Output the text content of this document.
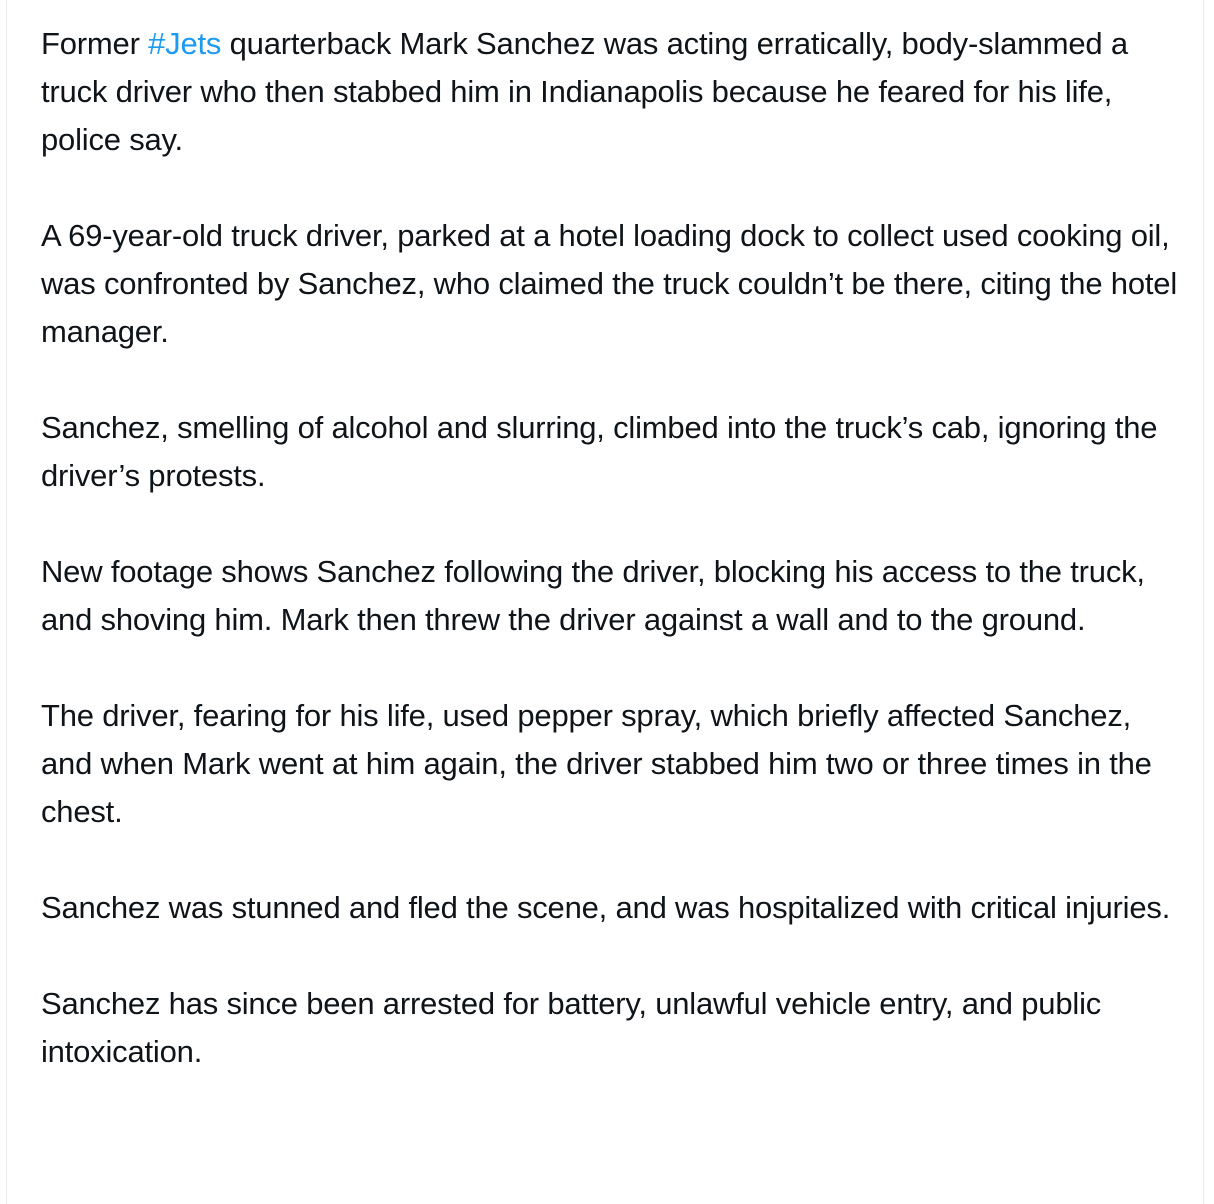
Former #Jets quarterback Mark Sanchez was acting erratically, body-slammed a truck driver who then stabbed him in Indianapolis because he feared for his life, police say.

A 69-year-old truck driver, parked at a hotel loading dock to collect used cooking oil, was confronted by Sanchez, who claimed the truck couldn’t be there, citing the hotel manager.

Sanchez, smelling of alcohol and slurring, climbed into the truck’s cab, ignoring the driver’s protests.

New footage shows Sanchez following the driver, blocking his access to the truck, and shoving him. Mark then threw the driver against a wall and to the ground.

The driver, fearing for his life, used pepper spray, which briefly affected Sanchez, and when Mark went at him again, the driver stabbed him two or three times in the chest.

Sanchez was stunned and fled the scene, and was hospitalized with critical injuries.

Sanchez has since been arrested for battery, unlawful vehicle entry, and public intoxication.
